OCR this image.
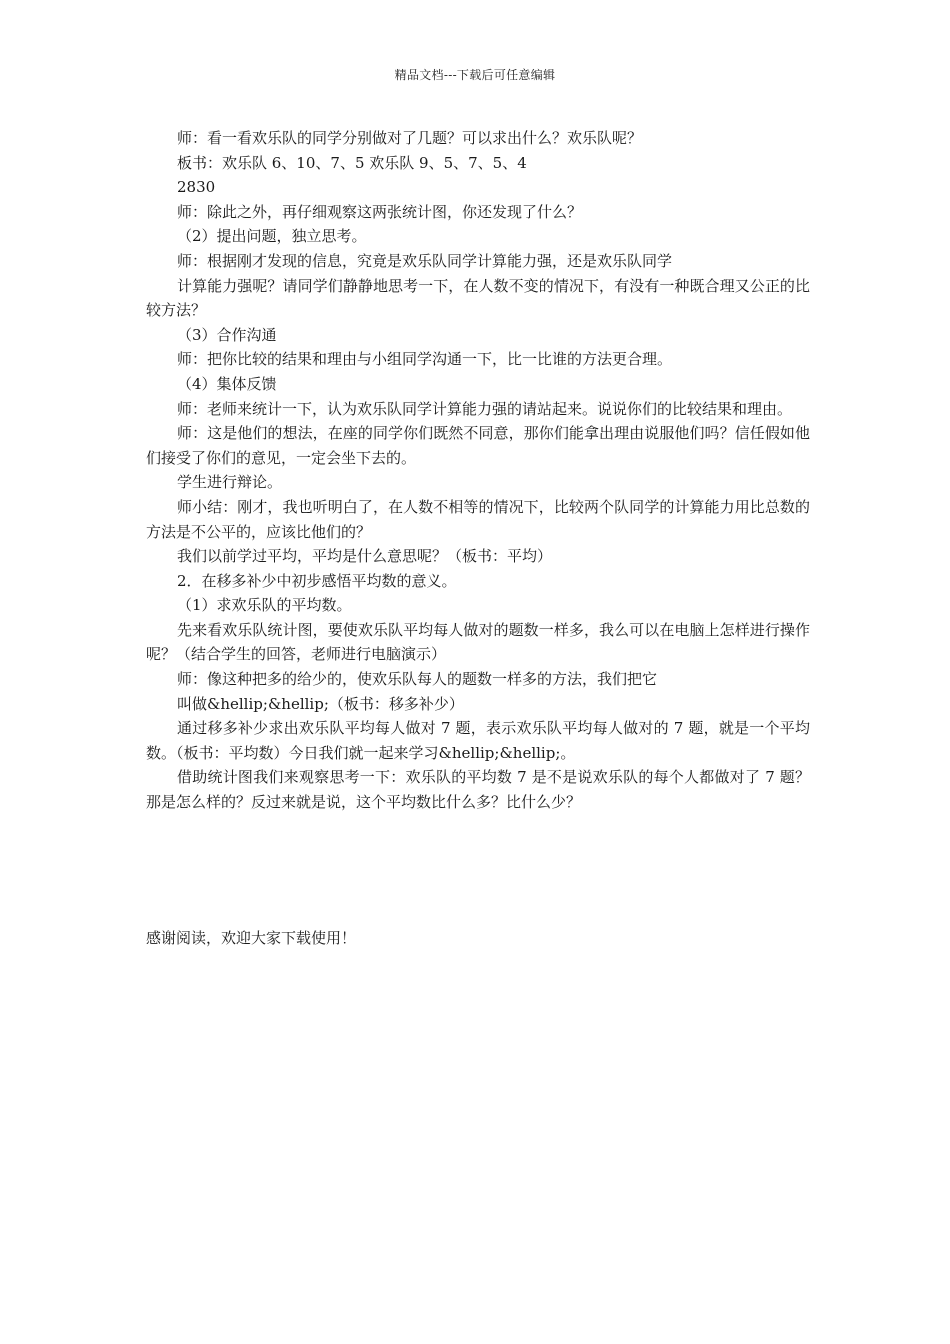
精品文档---下载后可任意编辑

师：看一看欢乐队的同学分别做对了几题？可以求出什么？欢乐队呢？

板书：欢乐队 6、10、7、5 欢乐队 9、5、7、5、4

2830

师：除此之外，再仔细观察这两张统计图，你还发现了什么？

（2）提出问题，独立思考。

师：根据刚才发现的信息，究竟是欢乐队同学计算能力强，还是欢乐队同学

计算能力强呢？请同学们静静地思考一下，在人数不变的情况下，有没有一种既合理又公正的比较方法？

（3）合作沟通

师：把你比较的结果和理由与小组同学沟通一下，比一比谁的方法更合理。

（4）集体反馈

师：老师来统计一下，认为欢乐队同学计算能力强的请站起来。说说你们的比较结果和理由。

师：这是他们的想法，在座的同学你们既然不同意，那你们能拿出理由说服他们吗？信任假如他们接受了你们的意见，一定会坐下去的。

学生进行辩论。

师小结：刚才，我也听明白了，在人数不相等的情况下，比较两个队同学的计算能力用比总数的方法是不公平的，应该比他们的？

我们以前学过平均，平均是什么意思呢？（板书：平均）

2．在移多补少中初步感悟平均数的意义。

（1）求欢乐队的平均数。

先来看欢乐队统计图，要使欢乐队平均每人做对的题数一样多，我么可以在电脑上怎样进行操作呢？（结合学生的回答，老师进行电脑演示）

师：像这种把多的给少的，使欢乐队每人的题数一样多的方法，我们把它

叫做&hellip;&hellip;（板书：移多补少）

通过移多补少求出欢乐队平均每人做对 7 题，表示欢乐队平均每人做对的 7 题，就是一个平均数。（板书：平均数）今日我们就一起来学习&hellip;&hellip;。

借助统计图我们来观察思考一下：欢乐队的平均数 7 是不是说欢乐队的每个人都做对了 7 题？那是怎么样的？反过来就是说，这个平均数比什么多？比什么少？

感谢阅读，欢迎大家下载使用！
